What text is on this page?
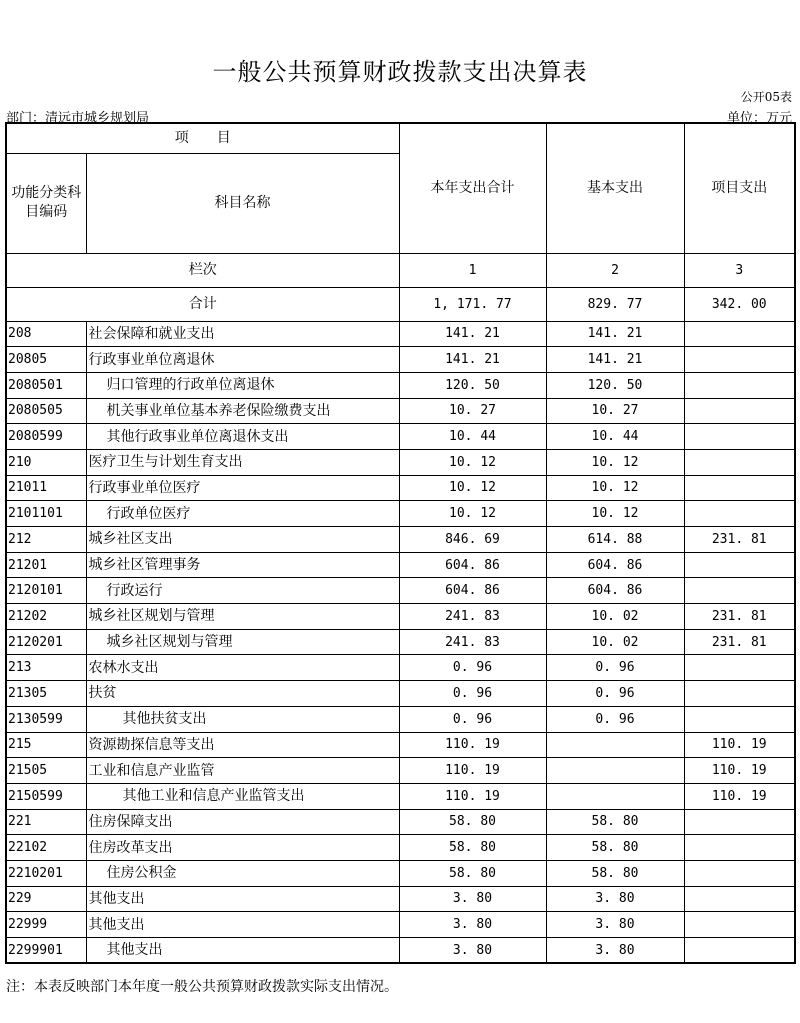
一般公共预算财政拨款支出决算表
公开05表
部门：清远市城乡规划局	单位：万元
项　　目		本年支出合计	基本支出	项目支出
功能分类科目编码	科目名称			
栏次		1	2	3
合计		1, 171. 77	829. 77	342. 00
208	社会保障和就业支出	141. 21	141. 21	
20805	行政事业单位离退休	141. 21	141. 21	
2080501	归口管理的行政单位离退休	120. 50	120. 50	
2080505	机关事业单位基本养老保险缴费支出	10. 27	10. 27	
2080599	其他行政事业单位离退休支出	10. 44	10. 44	
210	医疗卫生与计划生育支出	10. 12	10. 12	
21011	行政事业单位医疗	10. 12	10. 12	
2101101	行政单位医疗	10. 12	10. 12	
212	城乡社区支出	846. 69	614. 88	231. 81
21201	城乡社区管理事务	604. 86	604. 86	
2120101	行政运行	604. 86	604. 86	
21202	城乡社区规划与管理	241. 83	10. 02	231. 81
2120201	城乡社区规划与管理	241. 83	10. 02	231. 81
213	农林水支出	0. 96	0. 96	
21305	扶贫	0. 96	0. 96	
2130599	其他扶贫支出	0. 96	0. 96	
215	资源勘探信息等支出	110. 19		110. 19
21505	工业和信息产业监管	110. 19		110. 19
2150599	其他工业和信息产业监管支出	110. 19		110. 19
221	住房保障支出	58. 80	58. 80	
22102	住房改革支出	58. 80	58. 80	
2210201	住房公积金	58. 80	58. 80	
229	其他支出	3. 80	3. 80	
22999	其他支出	3. 80	3. 80	
2299901	其他支出	3. 80	3. 80	
注：本表反映部门本年度一般公共预算财政拨款实际支出情况。
